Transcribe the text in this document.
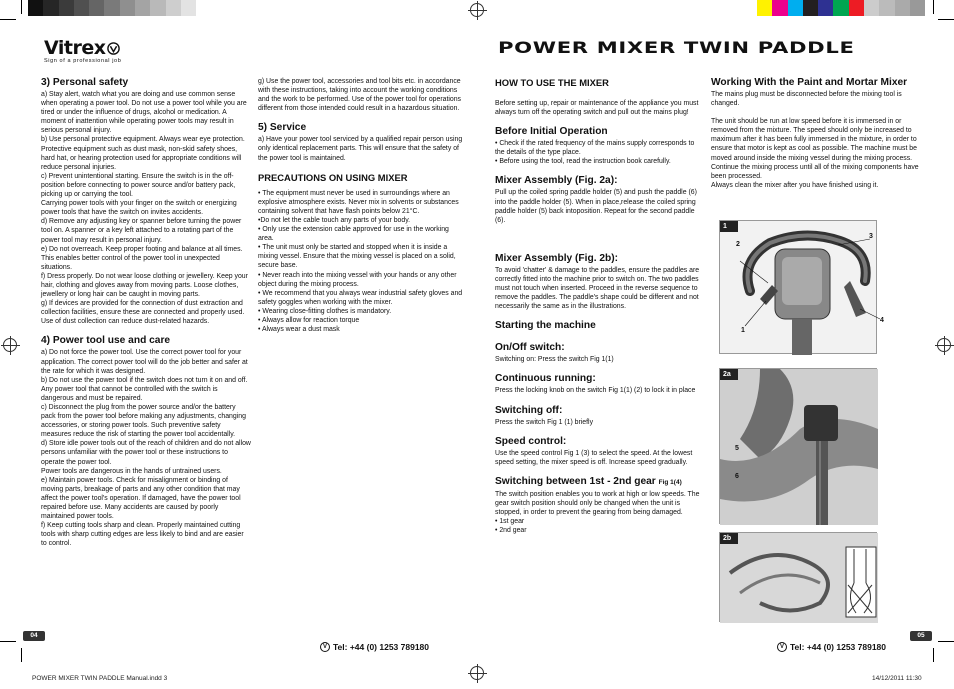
Vitrex
Sign of a professional job
POWER MIXER TWIN PADDLE
3) Personal safety

a) Stay alert, watch what you are doing and use common sense when operating a power tool. Do not use a power tool while you are tired or under the influence of drugs, alcohol or medication. A moment of inattention while operating power tools may result in serious personal injury.
b) Use personal protective equipment. Always wear eye protection. Protective equipment such as dust mask, non-skid safety shoes, hard hat, or hearing protection used for appropriate conditions will reduce personal injuries.
c) Prevent unintentional starting. Ensure the switch is in the off-position before connecting to power source and/or battery pack, picking up or carrying the tool.
Carrying power tools with your finger on the switch or energizing power tools that have the switch on invites accidents.
d) Remove any adjusting key or spanner before turning the power tool on. A spanner or a key left attached to a rotating part of the power tool may result in personal injury.
e) Do not overreach. Keep proper footing and balance at all times. This enables better control of the power tool in unexpected situations.
f) Dress properly. Do not wear loose clothing or jewellery. Keep your hair, clothing and gloves away from moving parts. Loose clothes, jewellery or long hair can be caught in moving parts.
g) If devices are provided for the connection of dust extraction and collection facilities, ensure these are connected and properly used. Use of dust collection can reduce dust-related hazards.

4) Power tool use and care

a) Do not force the power tool. Use the correct power tool for your application. The correct power tool will do the job better and safer at the rate for which it was designed.
b) Do not use the power tool if the switch does not turn it on and off. Any power tool that cannot be controlled with the switch is dangerous and must be repaired.
c) Disconnect the plug from the power source and/or the battery pack from the power tool before making any adjustments, changing accessories, or storing power tools. Such preventive safety measures reduce the risk of starting the power tool accidentally.
d) Store idle power tools out of the reach of children and do not allow persons unfamiliar with the power tool or these instructions to operate the power tool.
Power tools are dangerous in the hands of untrained users.
e) Maintain power tools. Check for misalignment or binding of moving parts, breakage of parts and any other condition that may affect the power tool's operation. If damaged, have the power tool repaired before use. Many accidents are caused by poorly maintained power tools.
f) Keep cutting tools sharp and clean. Properly maintained cutting tools with sharp cutting edges are less likely to bind and are easier to control.

g) Use the power tool, accessories and tool bits etc. in accordance with these instructions, taking into account the working conditions and the work to be performed. Use of the power tool for operations different from those intended could result in a hazardous situation.

5) Service

a) Have your power tool serviced by a qualified repair person using only identical replacement parts. This will ensure that the safety of the power tool is maintained.

PRECAUTIONS ON USING MIXER

• The equipment must never be used in surroundings where an explosive atmosphere exists. Never mix in solvents or substances containing solvent that have flash points below 21°C.
•Do not let the cable touch any parts of your body.
• Only use the extension cable approved for use in the working area.
• The unit must only be started and stopped when it is inside a mixing vessel. Ensure that the mixing vessel is placed on a solid, secure base.
• Never reach into the mixing vessel with your hands or any other object during the mixing process.
• We recommend that you always wear industrial safety gloves and safety goggles when working with the mixer.
• Wearing close-fitting clothes is mandatory.
• Always allow for reaction torque
• Always wear a dust mask

HOW TO USE THE MIXER

Before setting up, repair or maintenance of the appliance you must always turn off the operating switch and pull out the mains plug!

Before Initial Operation

• Check if the rated frequency of the mains supply corresponds to the details of the type place.
• Before using the tool, read the instruction book carefully.

Mixer Assembly (Fig. 2a):

Pull up the coiled spring paddle holder (5) and push the paddle (6) into the paddle holder (5). When in place,release the coiled spring paddle holder (5) back intoposition. Repeat for the second paddle (6).

Mixer Assembly (Fig. 2b):

To avoid 'chatter' & damage to the paddles, ensure the paddles are correctly fitted into the machine prior to switch on. The two paddles must not touch when inserted. Proceed in the reverse sequence to remove the paddles. The paddle's shape could be different and not necessarily the same as in the illustrations.

Starting the machine
On/Off switch:

Switching on: Press the switch Fig 1(1)

Continuous running:

Press the locking knob on the switch Fig 1(1) (2) to lock it in place

Switching off:

Press the switch Fig 1 (1) briefly

Speed control:

Use the speed control Fig 1 (3) to select the speed. At the lowest speed setting, the mixer speed is off. Increase speed gradually.

Switching between 1st - 2nd gear Fig 1(4)

The switch position enables you to work at high or low speeds. The gear switch position should only be changed when the unit is stopped, in order to prevent the gearing from being damaged.
• 1st gear
• 2nd gear

Working With the Paint and Mortar Mixer

The mains plug must be disconnected before the mixing tool is changed.

The unit should be run at low speed before it is immersed in or removed from the mixture. The speed should only be increased to maximum after it has been fully immersed in the mixture, in order to ensure that motor is kept as cool as possible. The machine must be moved around inside the mixing vessel during the mixing process. Continue the mixing process until all of the mixing components have been processed.
Always clean the mixer after you have finished using it.

1
1
2
3
4
2a
5
6
2b
04	05
V Tel: +44 (0) 1253 789180	V Tel: +44 (0) 1253 789180
POWER MIXER TWIN PADDLE Manual.indd 3	14/12/2011 11:30
